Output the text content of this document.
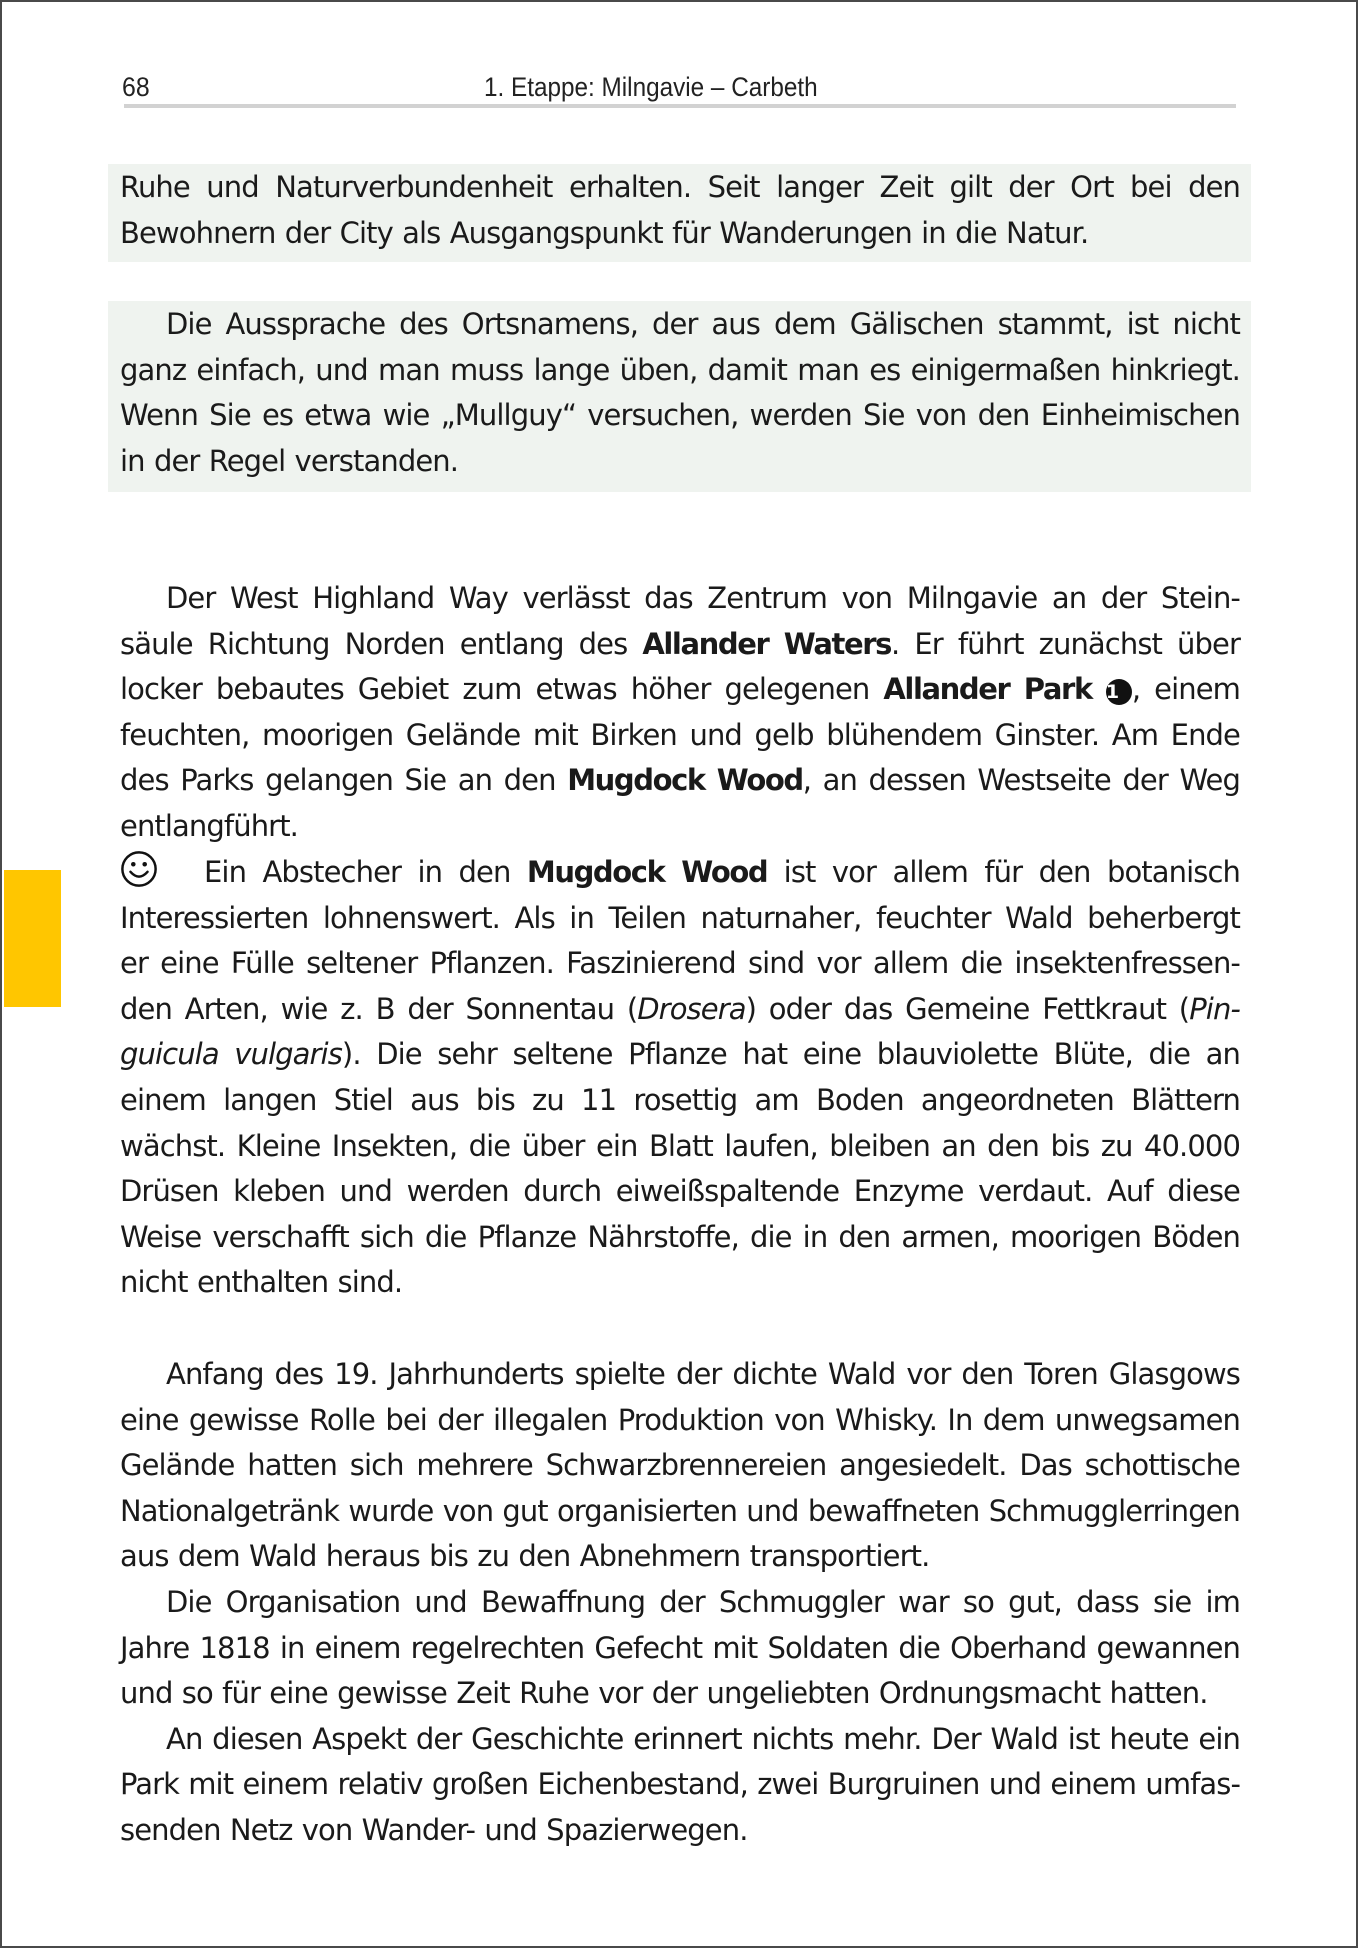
68	1. Etappe: Milngavie – Carbeth
Ruhe und Naturverbundenheit erhalten. Seit langer Zeit gilt der Ort bei den
Bewohnern der City als Ausgangspunkt für Wanderungen in die Natur.
Die Aussprache des Ortsnamens, der aus dem Gälischen stammt, ist nicht
ganz einfach, und man muss lange üben, damit man es einigermaßen hinkriegt.
Wenn Sie es etwa wie „Mullguy“ versuchen, werden Sie von den Einheimischen
in der Regel verstanden.
Der West Highland Way verlässt das Zentrum von Milngavie an der Stein-
säule Richtung Norden entlang des Allander Waters. Er führt zunächst über
locker bebautes Gebiet zum etwas höher gelegenen Allander Park 1 , einem
feuchten, moorigen Gelände mit Birken und gelb blühendem Ginster. Am Ende
des Parks gelangen Sie an den Mugdock Wood, an dessen Westseite der Weg
entlangführt.
Ein Abstecher in den Mugdock Wood ist vor allem für den botanisch
Interessierten lohnenswert. Als in Teilen naturnaher, feuchter Wald beherbergt
er eine Fülle seltener Pflanzen. Faszinierend sind vor allem die insektenfressen-
den Arten, wie z. B der Sonnentau (Drosera) oder das Gemeine Fettkraut (Pin-
guicula vulgaris). Die sehr seltene Pflanze hat eine blauviolette Blüte, die an
einem langen Stiel aus bis zu 11 rosettig am Boden angeordneten Blättern
wächst. Kleine Insekten, die über ein Blatt laufen, bleiben an den bis zu 40.000
Drüsen kleben und werden durch eiweißspaltende Enzyme verdaut. Auf diese
Weise verschafft sich die Pflanze Nährstoffe, die in den armen, moorigen Böden
nicht enthalten sind.
Anfang des 19. Jahrhunderts spielte der dichte Wald vor den Toren Glasgows
eine gewisse Rolle bei der illegalen Produktion von Whisky. In dem unwegsamen
Gelände hatten sich mehrere Schwarzbrennereien angesiedelt. Das schottische
Nationalgetränk wurde von gut organisierten und bewaffneten Schmugglerringen
aus dem Wald heraus bis zu den Abnehmern transportiert.
Die Organisation und Bewaffnung der Schmuggler war so gut, dass sie im
Jahre 1818 in einem regelrechten Gefecht mit Soldaten die Oberhand gewannen
und so für eine gewisse Zeit Ruhe vor der ungeliebten Ordnungsmacht hatten.
An diesen Aspekt der Geschichte erinnert nichts mehr. Der Wald ist heute ein
Park mit einem relativ großen Eichenbestand, zwei Burgruinen und einem umfas-
senden Netz von Wander- und Spazierwegen.
